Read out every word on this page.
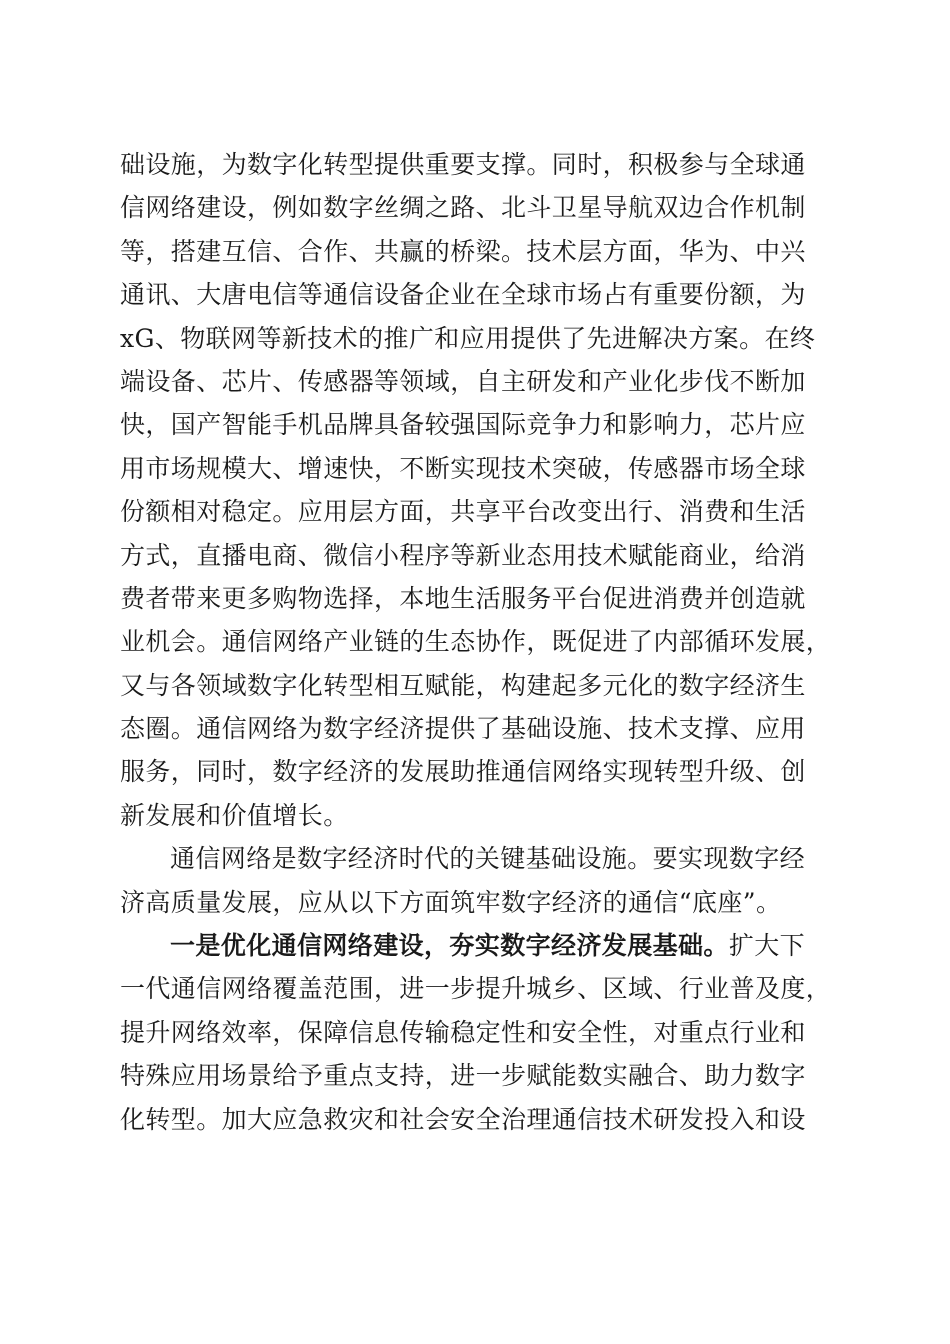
础设施，为数字化转型提供重要支撑。同时，积极参与全球通
信网络建设，例如数字丝绸之路、北斗卫星导航双边合作机制
等，搭建互信、合作、共赢的桥梁。技术层方面，华为、中兴
通讯、大唐电信等通信设备企业在全球市场占有重要份额，为
xG、物联网等新技术的推广和应用提供了先进解决方案。在终
端设备、芯片、传感器等领域，自主研发和产业化步伐不断加
快，国产智能手机品牌具备较强国际竞争力和影响力，芯片应
用市场规模大、增速快，不断实现技术突破，传感器市场全球
份额相对稳定。应用层方面，共享平台改变出行、消费和生活
方式，直播电商、微信小程序等新业态用技术赋能商业，给消
费者带来更多购物选择，本地生活服务平台促进消费并创造就
业机会。通信网络产业链的生态协作，既促进了内部循环发展，
又与各领域数字化转型相互赋能，构建起多元化的数字经济生
态圈。通信网络为数字经济提供了基础设施、技术支撑、应用
服务，同时，数字经济的发展助推通信网络实现转型升级、创
新发展和价值增长。
通信网络是数字经济时代的关键基础设施。要实现数字经
济高质量发展，应从以下方面筑牢数字经济的通信“底座”。
一是优化通信网络建设，夯实数字经济发展基础。扩大下
一代通信网络覆盖范围，进一步提升城乡、区域、行业普及度，
提升网络效率，保障信息传输稳定性和安全性，对重点行业和
特殊应用场景给予重点支持，进一步赋能数实融合、助力数字
化转型。加大应急救灾和社会安全治理通信技术研发投入和设
